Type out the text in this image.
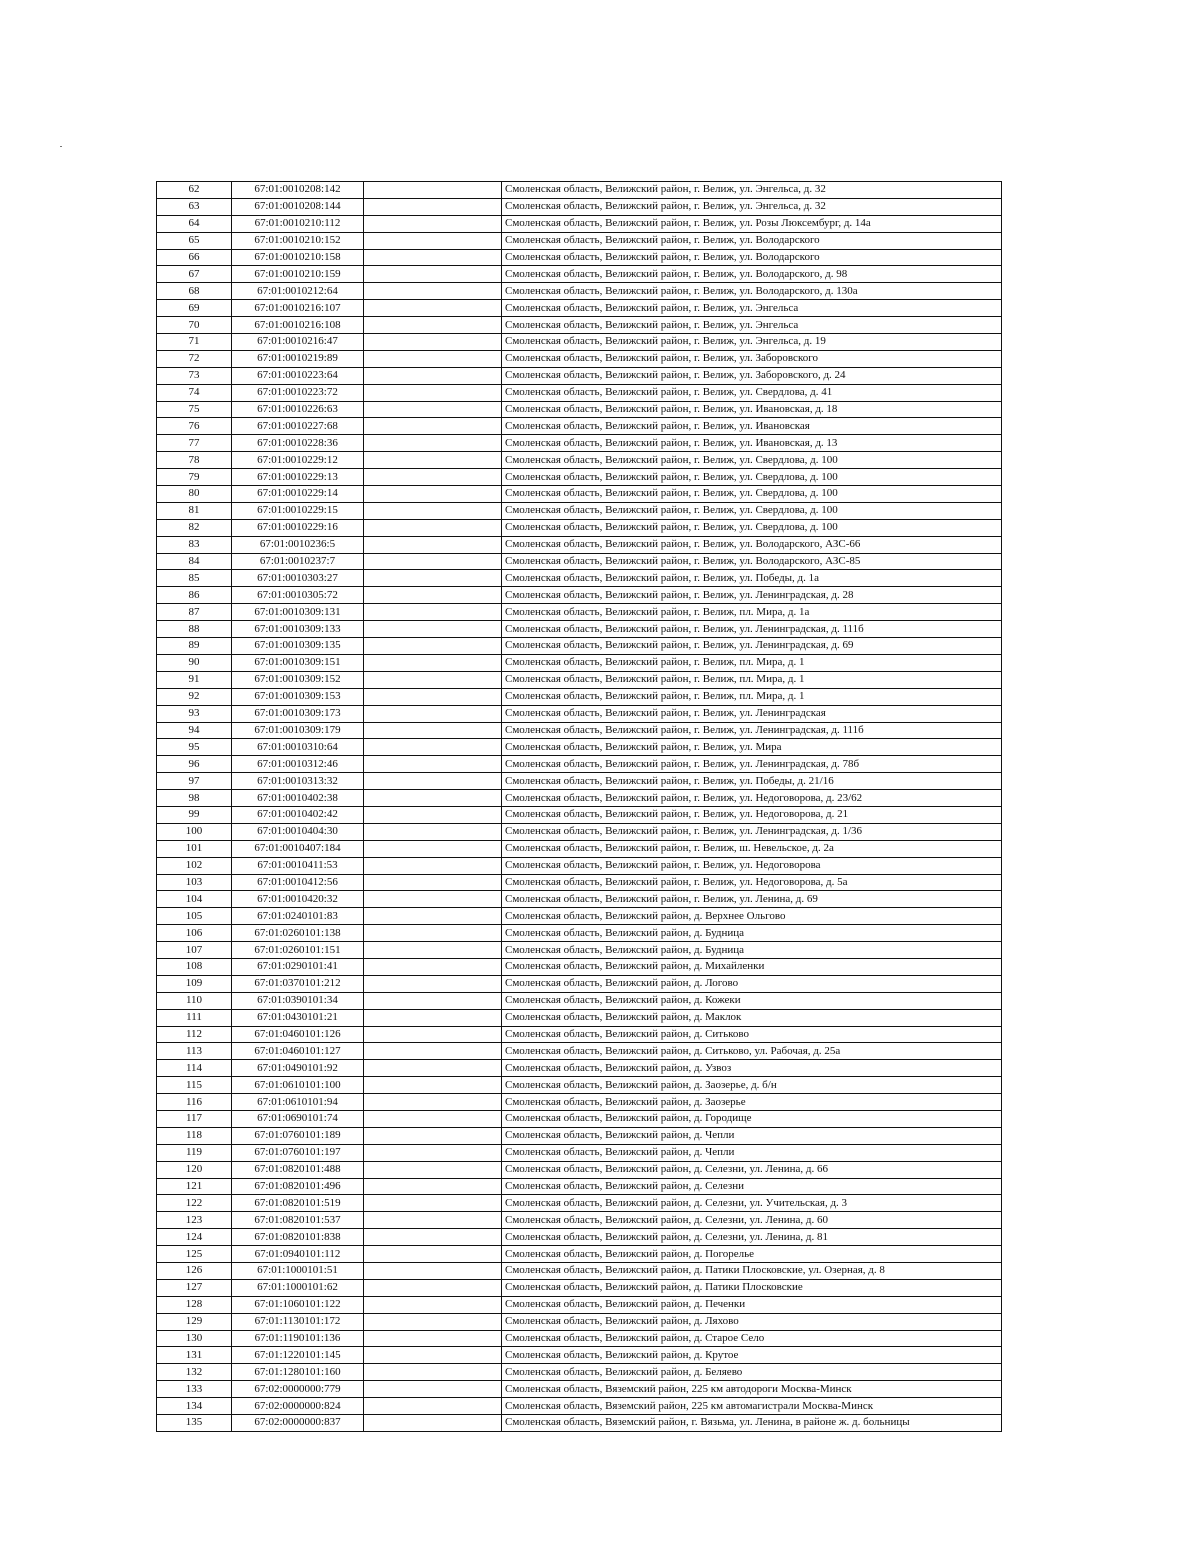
62	67:01:0010208:142		Смоленская область, Велижский район, г. Велиж, ул. Энгельса, д. 32
63	67:01:0010208:144		Смоленская область, Велижский район, г. Велиж, ул. Энгельса, д. 32
64	67:01:0010210:112		Смоленская область, Велижский район, г. Велиж, ул. Розы Люксембург, д. 14а
65	67:01:0010210:152		Смоленская область, Велижский район, г. Велиж, ул. Володарского
66	67:01:0010210:158		Смоленская область, Велижский район, г. Велиж, ул. Володарского
67	67:01:0010210:159		Смоленская область, Велижский район, г. Велиж, ул. Володарского, д. 98
68	67:01:0010212:64		Смоленская область, Велижский район, г. Велиж, ул. Володарского, д. 130а
69	67:01:0010216:107		Смоленская область, Велижский район, г. Велиж, ул. Энгельса
70	67:01:0010216:108		Смоленская область, Велижский район, г. Велиж, ул. Энгельса
71	67:01:0010216:47		Смоленская область, Велижский район, г. Велиж, ул. Энгельса, д. 19
72	67:01:0010219:89		Смоленская область, Велижский район, г. Велиж, ул. Заборовского
73	67:01:0010223:64		Смоленская область, Велижский район, г. Велиж, ул. Заборовского, д. 24
74	67:01:0010223:72		Смоленская область, Велижский район, г. Велиж, ул. Свердлова, д. 41
75	67:01:0010226:63		Смоленская область, Велижский район, г. Велиж, ул. Ивановская, д. 18
76	67:01:0010227:68		Смоленская область, Велижский район, г. Велиж, ул. Ивановская
77	67:01:0010228:36		Смоленская область, Велижский район, г. Велиж, ул. Ивановская, д. 13
78	67:01:0010229:12		Смоленская область, Велижский район, г. Велиж, ул. Свердлова, д. 100
79	67:01:0010229:13		Смоленская область, Велижский район, г. Велиж, ул. Свердлова, д. 100
80	67:01:0010229:14		Смоленская область, Велижский район, г. Велиж, ул. Свердлова, д. 100
81	67:01:0010229:15		Смоленская область, Велижский район, г. Велиж, ул. Свердлова, д. 100
82	67:01:0010229:16		Смоленская область, Велижский район, г. Велиж, ул. Свердлова, д. 100
83	67:01:0010236:5		Смоленская область, Велижский район, г. Велиж, ул. Володарского, АЗС-66
84	67:01:0010237:7		Смоленская область, Велижский район, г. Велиж, ул. Володарского, АЗС-85
85	67:01:0010303:27		Смоленская область, Велижский район, г. Велиж, ул. Победы, д. 1а
86	67:01:0010305:72		Смоленская область, Велижский район, г. Велиж, ул. Ленинградская, д. 28
87	67:01:0010309:131		Смоленская область, Велижский район, г. Велиж, пл. Мира, д. 1а
88	67:01:0010309:133		Смоленская область, Велижский район, г. Велиж, ул. Ленинградская, д. 111б
89	67:01:0010309:135		Смоленская область, Велижский район, г. Велиж, ул. Ленинградская, д. 69
90	67:01:0010309:151		Смоленская область, Велижский район, г. Велиж, пл. Мира, д. 1
91	67:01:0010309:152		Смоленская область, Велижский район, г. Велиж, пл. Мира, д. 1
92	67:01:0010309:153		Смоленская область, Велижский район, г. Велиж, пл. Мира, д. 1
93	67:01:0010309:173		Смоленская область, Велижский район, г. Велиж, ул. Ленинградская
94	67:01:0010309:179		Смоленская область, Велижский район, г. Велиж, ул. Ленинградская, д. 111б
95	67:01:0010310:64		Смоленская область, Велижский район, г. Велиж, ул. Мира
96	67:01:0010312:46		Смоленская область, Велижский район, г. Велиж, ул. Ленинградская, д. 78б
97	67:01:0010313:32		Смоленская область, Велижский район, г. Велиж, ул. Победы, д. 21/16
98	67:01:0010402:38		Смоленская область, Велижский район, г. Велиж, ул. Недоговорова, д. 23/62
99	67:01:0010402:42		Смоленская область, Велижский район, г. Велиж, ул. Недоговорова, д. 21
100	67:01:0010404:30		Смоленская область, Велижский район, г. Велиж, ул. Ленинградская, д. 1/36
101	67:01:0010407:184		Смоленская область, Велижский район, г. Велиж, ш. Невельское, д. 2а
102	67:01:0010411:53		Смоленская область, Велижский район, г. Велиж, ул. Недоговорова
103	67:01:0010412:56		Смоленская область, Велижский район, г. Велиж, ул. Недоговорова, д. 5а
104	67:01:0010420:32		Смоленская область, Велижский район, г. Велиж, ул. Ленина, д. 69
105	67:01:0240101:83		Смоленская область, Велижский район, д. Верхнее Ольгово
106	67:01:0260101:138		Смоленская область, Велижский район, д. Будница
107	67:01:0260101:151		Смоленская область, Велижский район, д. Будница
108	67:01:0290101:41		Смоленская область, Велижский район, д. Михайленки
109	67:01:0370101:212		Смоленская область, Велижский район, д. Логово
110	67:01:0390101:34		Смоленская область, Велижский район, д. Кожеки
111	67:01:0430101:21		Смоленская область, Велижский район, д. Маклок
112	67:01:0460101:126		Смоленская область, Велижский район, д. Ситьково
113	67:01:0460101:127		Смоленская область, Велижский район, д. Ситьково, ул. Рабочая, д. 25а
114	67:01:0490101:92		Смоленская область, Велижский район, д. Узвоз
115	67:01:0610101:100		Смоленская область, Велижский район, д. Заозерье, д. б/н
116	67:01:0610101:94		Смоленская область, Велижский район, д. Заозерье
117	67:01:0690101:74		Смоленская область, Велижский район, д. Городище
118	67:01:0760101:189		Смоленская область, Велижский район, д. Чепли
119	67:01:0760101:197		Смоленская область, Велижский район, д. Чепли
120	67:01:0820101:488		Смоленская область, Велижский район, д. Селезни, ул. Ленина, д. 66
121	67:01:0820101:496		Смоленская область, Велижский район, д. Селезни
122	67:01:0820101:519		Смоленская область, Велижский район, д. Селезни, ул. Учительская, д. 3
123	67:01:0820101:537		Смоленская область, Велижский район, д. Селезни, ул. Ленина, д. 60
124	67:01:0820101:838		Смоленская область, Велижский район, д. Селезни, ул. Ленина, д. 81
125	67:01:0940101:112		Смоленская область, Велижский район, д. Погорелье
126	67:01:1000101:51		Смоленская область, Велижский район, д. Патики Плосковские, ул. Озерная, д. 8
127	67:01:1000101:62		Смоленская область, Велижский район, д. Патики Плосковские
128	67:01:1060101:122		Смоленская область, Велижский район, д. Печенки
129	67:01:1130101:172		Смоленская область, Велижский район, д. Ляхово
130	67:01:1190101:136		Смоленская область, Велижский район, д. Старое Село
131	67:01:1220101:145		Смоленская область, Велижский район, д. Крутое
132	67:01:1280101:160		Смоленская область, Велижский район, д. Беляево
133	67:02:0000000:779		Смоленская область, Вяземский район, 225 км автодороги Москва-Минск
134	67:02:0000000:824		Смоленская область, Вяземский район, 225 км автомагистрали Москва-Минск
135	67:02:0000000:837		Смоленская область, Вяземский район, г. Вязьма, ул. Ленина, в районе ж. д. больницы
